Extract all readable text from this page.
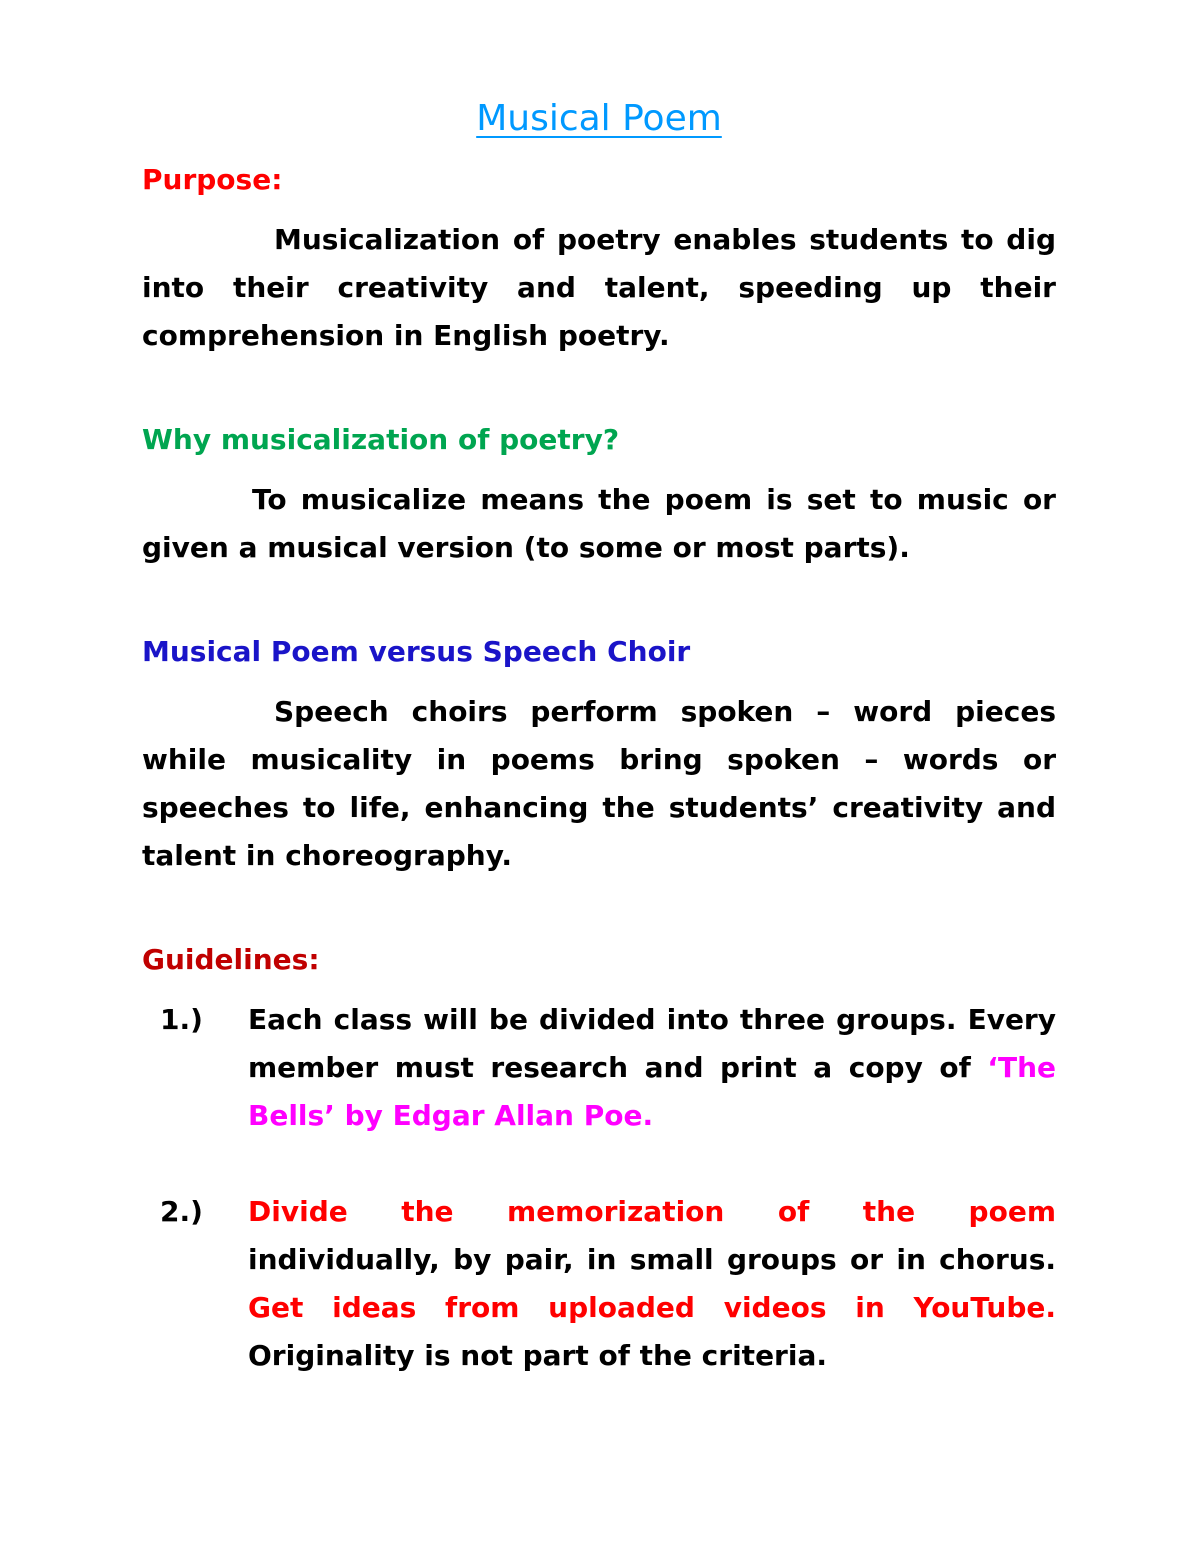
Musical Poem
Purpose:

Musicalization of poetry enables students to dig into their creativity and talent, speeding up their comprehension in English poetry.

Why musicalization of poetry?

To musicalize means the poem is set to music or given a musical version (to some or most parts).

Musical Poem versus Speech Choir

Speech choirs perform spoken – word pieces while musicality in poems bring spoken – words or speeches to life, enhancing the students’ creativity and talent in choreography.

Guidelines:
1.) Each class will be divided into three groups. Every member must research and print a copy of ‘The Bells’ by Edgar Allan Poe.
2.) Divide the memorization of the poem
individually, by pair, in small groups or in chorus. Get ideas from uploaded videos in YouTube. Originality is not part of the criteria.
